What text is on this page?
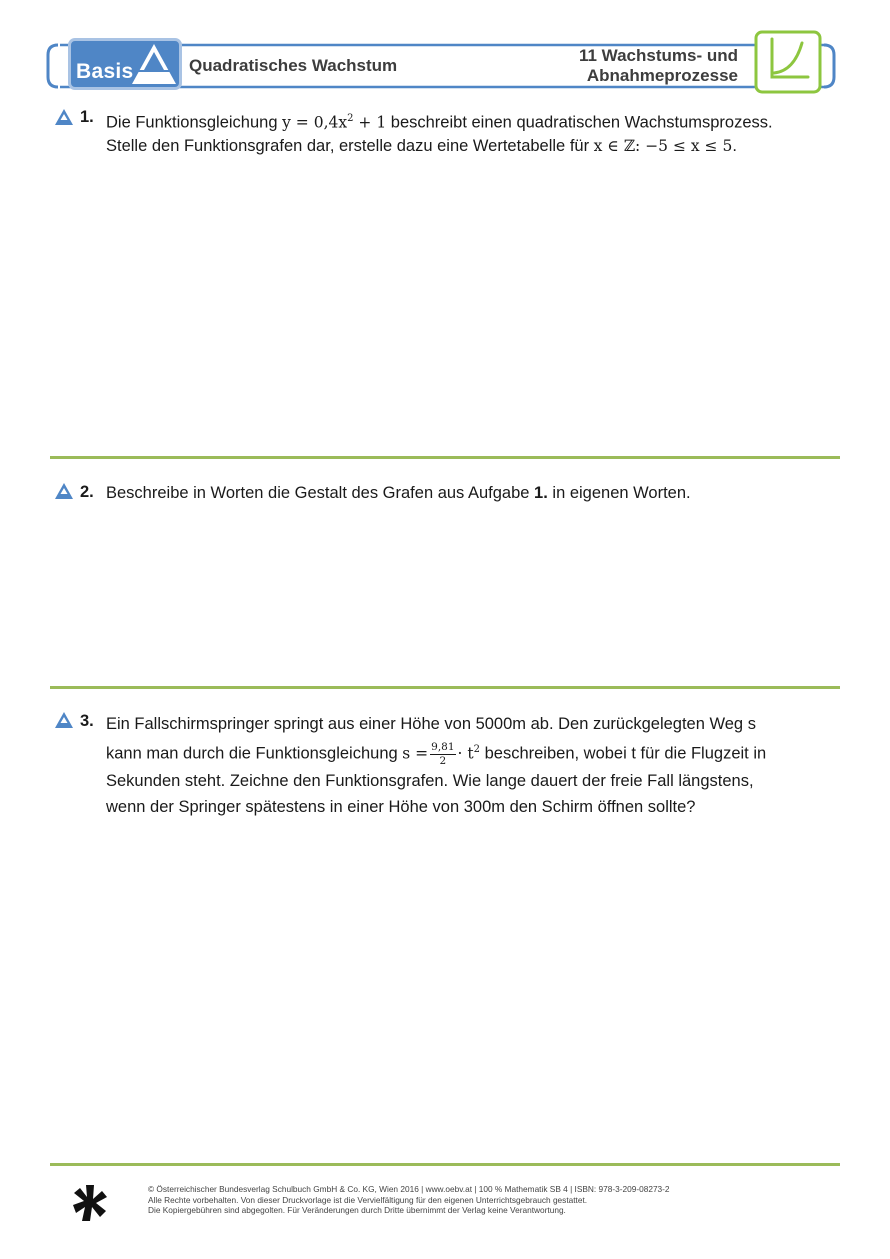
Basis	Quadratisches Wachstum
11 Wachstums- und
Abnahmeprozesse
1. Die Funktionsgleichung $y = 0,4x^2 + 1$ beschreibt einen quadratischen Wachstumsprozess.
Stelle den Funktionsgrafen dar, erstelle dazu eine Wertetabelle für x ∈ ℤ: −5 ≤ x ≤ 5.
2. Beschreibe in Worten die Gestalt des Grafen aus Aufgabe 1. in eigenen Worten.
3. Ein Fallschirmspringer springt aus einer Höhe von 5000m ab. Den zurückgelegten Weg s
kann man durch die Funktionsgleichung $s = \frac{9,81}{2} \cdot t^2$ beschreiben, wobei t für die Flugzeit in
Sekunden steht. Zeichne den Funktionsgrafen. Wie lange dauert der freie Fall längstens,
wenn der Springer spätestens in einer Höhe von 300m den Schirm öffnen sollte?
© Österreichischer Bundesverlag Schulbuch GmbH & Co. KG, Wien 2016 | www.oebv.at | 100 % Mathematik SB 4 | ISBN: 978-3-209-08273-2
Alle Rechte vorbehalten. Von dieser Druckvorlage ist die Vervielfältigung für den eigenen Unterrichtsgebrauch gestattet.
Die Kopiergebühren sind abgegolten. Für Veränderungen durch Dritte übernimmt der Verlag keine Verantwortung.
